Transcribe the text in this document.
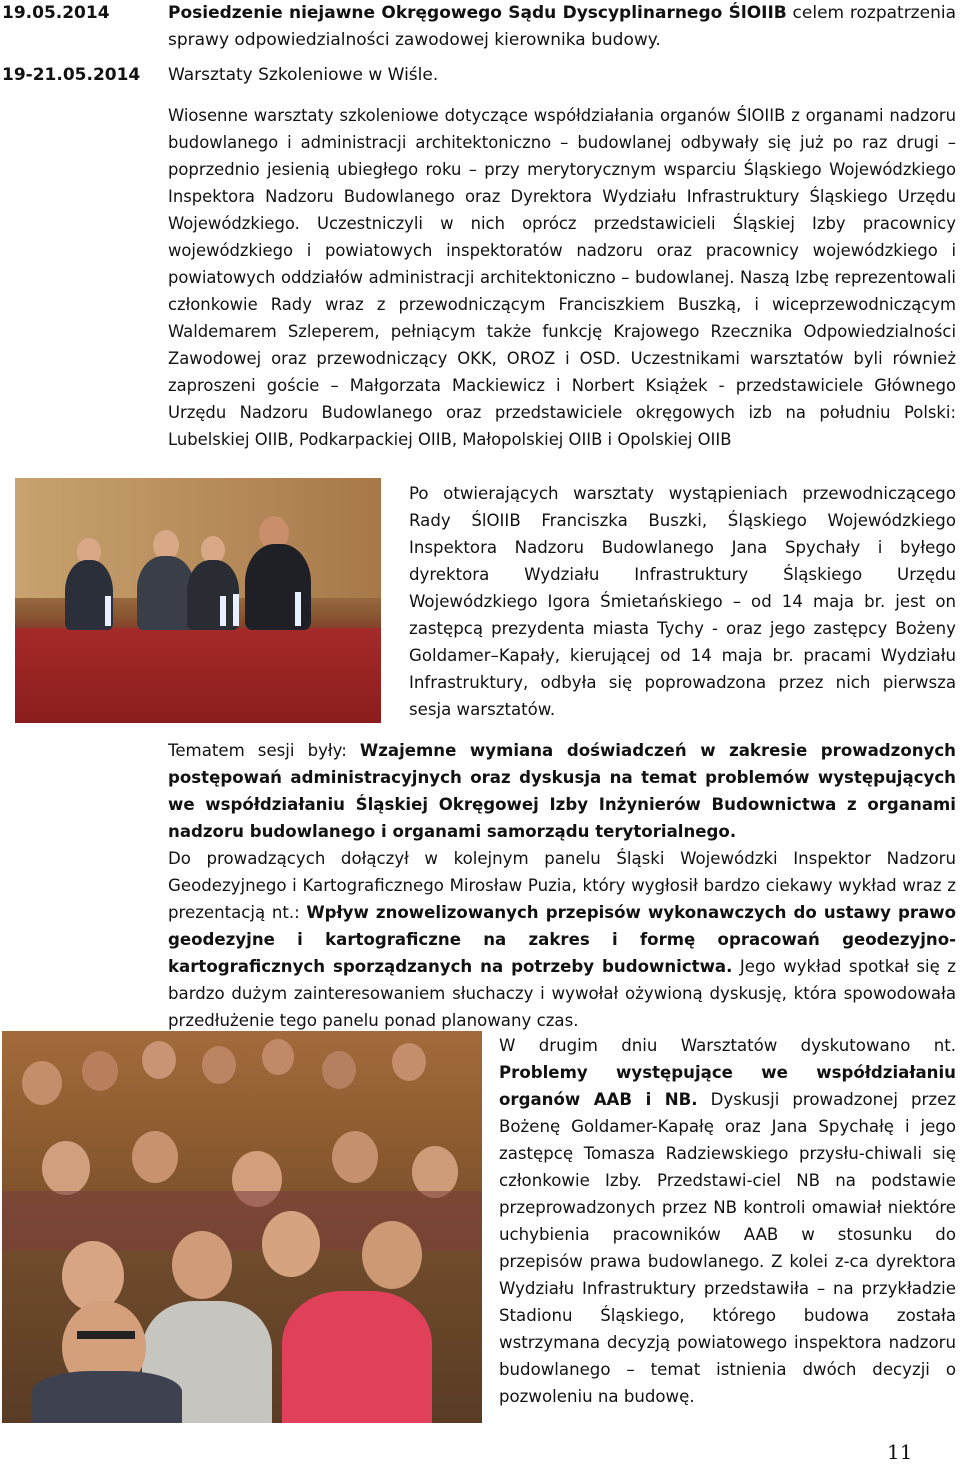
19.05.2014	Posiedzenie niejawne Okręgowego Sądu Dyscyplinarnego ŚlOIIB celem rozpatrzenia sprawy odpowiedzialności zawodowej kierownika budowy.
19-21.05.2014 Warsztaty Szkoleniowe w Wiśle.
Wiosenne warsztaty szkoleniowe dotyczące współdziałania organów ŚlOIIB z organami nadzoru budowlanego i administracji architektoniczno – budowlanej odbywały się już po raz drugi – poprzednio jesienią ubiegłego roku – przy merytorycznym wsparciu Śląskiego Wojewódzkiego Inspektora Nadzoru Budowlanego oraz Dyrektora Wydziału Infrastruktury Śląskiego Urzędu Wojewódzkiego. Uczestniczyli w nich oprócz przedstawicieli Śląskiej Izby pracownicy wojewódzkiego i powiatowych inspektoratów nadzoru oraz pracownicy wojewódzkiego i powiatowych oddziałów administracji architektoniczno – budowlanej. Naszą Izbę reprezentowali członkowie Rady wraz z przewodniczącym Franciszkiem Buszką, i wiceprzewodniczącym Waldemarem Szleperem, pełniącym także funkcję Krajowego Rzecznika Odpowiedzialności Zawodowej oraz przewodniczący OKK, OROZ i OSD. Uczestnikami warsztatów byli również zaproszeni goście – Małgorzata Mackiewicz i Norbert Książek - przedstawiciele Głównego Urzędu Nadzoru Budowlanego oraz przedstawiciele okręgowych izb na południu Polski: Lubelskiej OIIB, Podkarpackiej OIIB, Małopolskiej OIIB i Opolskiej OIIB
Po otwierających warsztaty wystąpieniach przewodniczącego Rady ŚlOIIB Franciszka Buszki, Śląskiego Wojewódzkiego Inspektora Nadzoru Budowlanego Jana Spychały i byłego dyrektora Wydziału Infrastruktury Śląskiego Urzędu Wojewódzkiego Igora Śmietańskiego – od 14 maja br. jest on zastępcą prezydenta miasta Tychy - oraz jego zastępcy Bożeny Goldamer–Kapały, kierującej od 14 maja br. pracami Wydziału Infrastruktury, odbyła się poprowadzona przez nich pierwsza sesja warsztatów.
Tematem sesji były: Wzajemne wymiana doświadczeń w zakresie prowadzonych postępowań administracyjnych oraz dyskusja na temat problemów występujących we współdziałaniu Śląskiej Okręgowej Izby Inżynierów Budownictwa z organami nadzoru budowlanego i organami samorządu terytorialnego.
Do prowadzących dołączył w kolejnym panelu Śląski Wojewódzki Inspektor Nadzoru Geodezyjnego i Kartograficznego Mirosław Puzia, który wygłosił bardzo ciekawy wykład wraz z prezentacją nt.: Wpływ znowelizowanych przepisów wykonawczych do ustawy prawo geodezyjne i kartograficzne na zakres i formę opracowań geodezyjno-kartograficznych sporządzanych na potrzeby budownictwa. Jego wykład spotkał się z bardzo dużym zainteresowaniem słuchaczy i wywołał ożywioną dyskusję, która spowodowała przedłużenie tego panelu ponad planowany czas.
W drugim dniu Warsztatów dyskutowano nt. Problemy występujące we współdziałaniu organów AAB i NB. Dyskusji prowadzonej przez Bożenę Goldamer-Kapałę oraz Jana Spychałę i jego zastępcę Tomasza Radziewskiego przysłu-chiwali się członkowie Izby. Przedstawi-ciel NB na podstawie przeprowadzonych przez NB kontroli omawiał niektóre uchybienia pracowników AAB w stosunku do przepisów prawa budowlanego. Z kolei z-ca dyrektora Wydziału Infrastruktury przedstawiła – na przykładzie Stadionu Śląskiego, którego budowa została wstrzymana decyzją powiatowego inspektora nadzoru budowlanego – temat istnienia dwóch decyzji o pozwoleniu na budowę.
11
